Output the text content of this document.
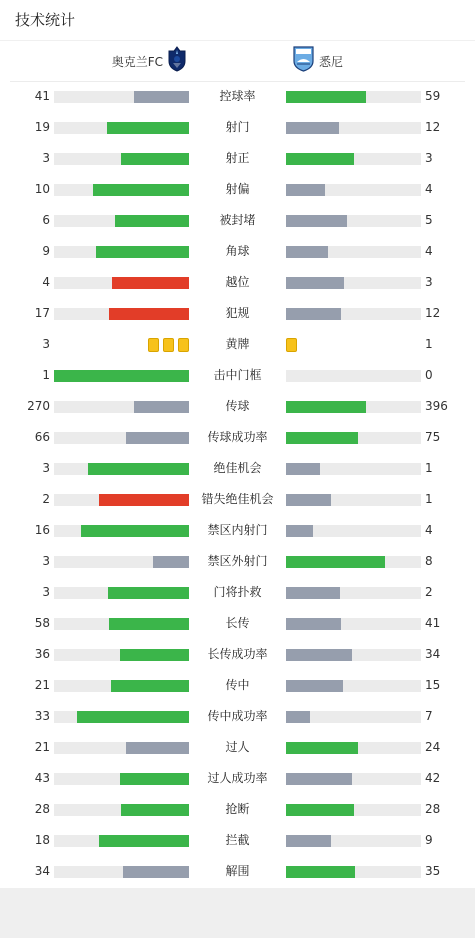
技术统计
奥克兰FC	悉尼
41	控球率	59
19	射门	12
3	射正	3
10	射偏	4
6	被封堵	5
9	角球	4
4	越位	3
17	犯规	12
3	黄牌	1
1	击中门框	0
270	传球	396
66	传球成功率	75
3	绝佳机会	1
2	错失绝佳机会	1
16	禁区内射门	4
3	禁区外射门	8
3	门将扑救	2
58	长传	41
36	长传成功率	34
21	传中	15
33	传中成功率	7
21	过人	24
43	过人成功率	42
28	抢断	28
18	拦截	9
34	解围	35
